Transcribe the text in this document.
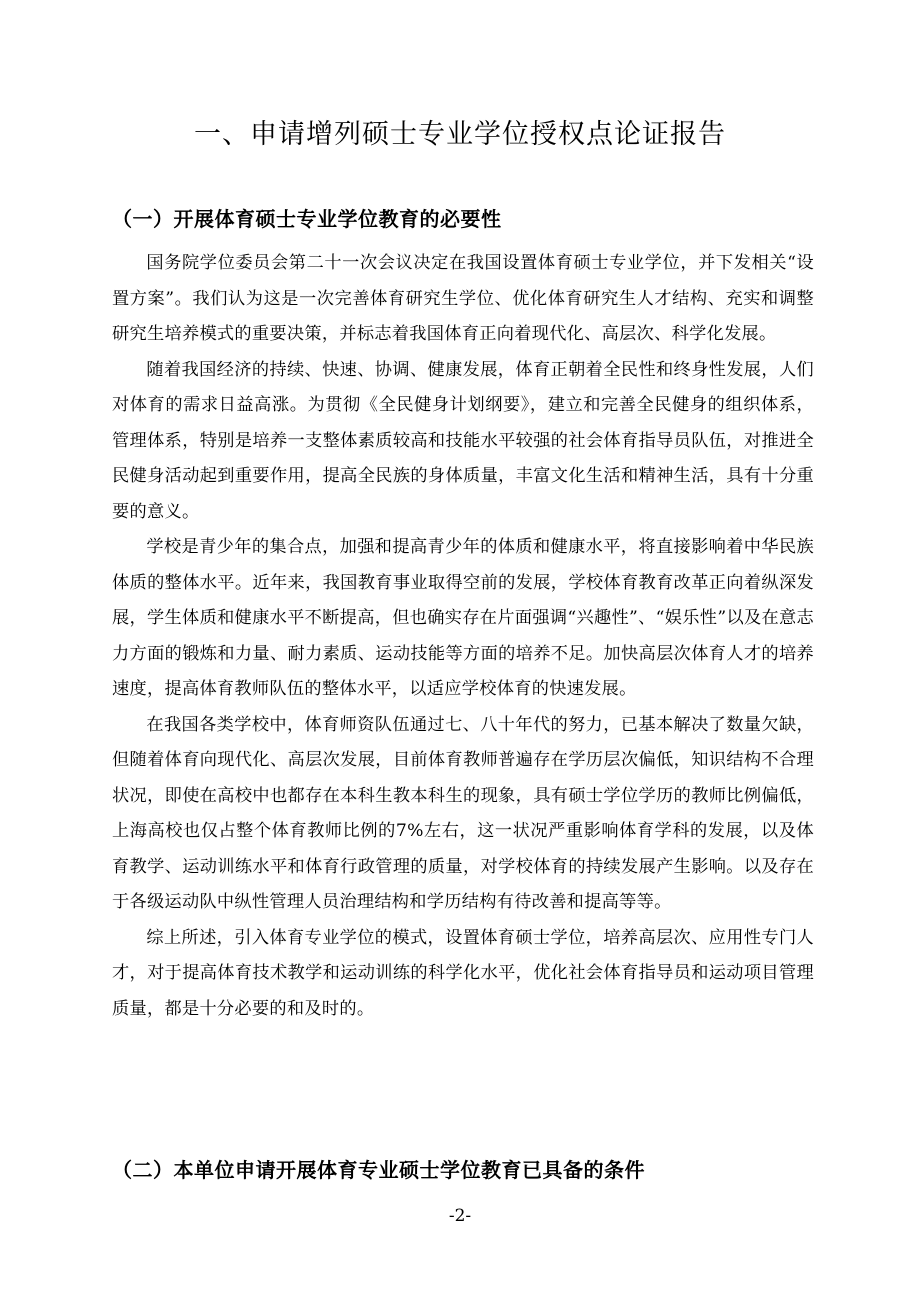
一、申请增列硕士专业学位授权点论证报告
（一）开展体育硕士专业学位教育的必要性

国务院学位委员会第二十一次会议决定在我国设置体育硕士专业学位，并下发相关“设置方案”。我们认为这是一次完善体育研究生学位、优化体育研究生人才结构、充实和调整研究生培养模式的重要决策，并标志着我国体育正向着现代化、高层次、科学化发展。

随着我国经济的持续、快速、协调、健康发展，体育正朝着全民性和终身性发展，人们对体育的需求日益高涨。为贯彻《全民健身计划纲要》，建立和完善全民健身的组织体系，管理体系，特别是培养一支整体素质较高和技能水平较强的社会体育指导员队伍，对推进全民健身活动起到重要作用，提高全民族的身体质量，丰富文化生活和精神生活，具有十分重要的意义。

学校是青少年的集合点，加强和提高青少年的体质和健康水平，将直接影响着中华民族体质的整体水平。近年来，我国教育事业取得空前的发展，学校体育教育改革正向着纵深发展，学生体质和健康水平不断提高，但也确实存在片面强调“兴趣性”、“娱乐性”以及在意志力方面的锻炼和力量、耐力素质、运动技能等方面的培养不足。加快高层次体育人才的培养速度，提高体育教师队伍的整体水平，以适应学校体育的快速发展。

在我国各类学校中，体育师资队伍通过七、八十年代的努力，已基本解决了数量欠缺，但随着体育向现代化、高层次发展，目前体育教师普遍存在学历层次偏低，知识结构不合理状况，即使在高校中也都存在本科生教本科生的现象，具有硕士学位学历的教师比例偏低，上海高校也仅占整个体育教师比例的7%左右，这一状况严重影响体育学科的发展，以及体育教学、运动训练水平和体育行政管理的质量，对学校体育的持续发展产生影响。以及存在于各级运动队中纵性管理人员治理结构和学历结构有待改善和提高等等。

综上所述，引入体育专业学位的模式，设置体育硕士学位，培养高层次、应用性专门人才，对于提高体育技术教学和运动训练的科学化水平，优化社会体育指导员和运动项目管理质量，都是十分必要的和及时的。

（二）本单位申请开展体育专业硕士学位教育已具备的条件
-2-
